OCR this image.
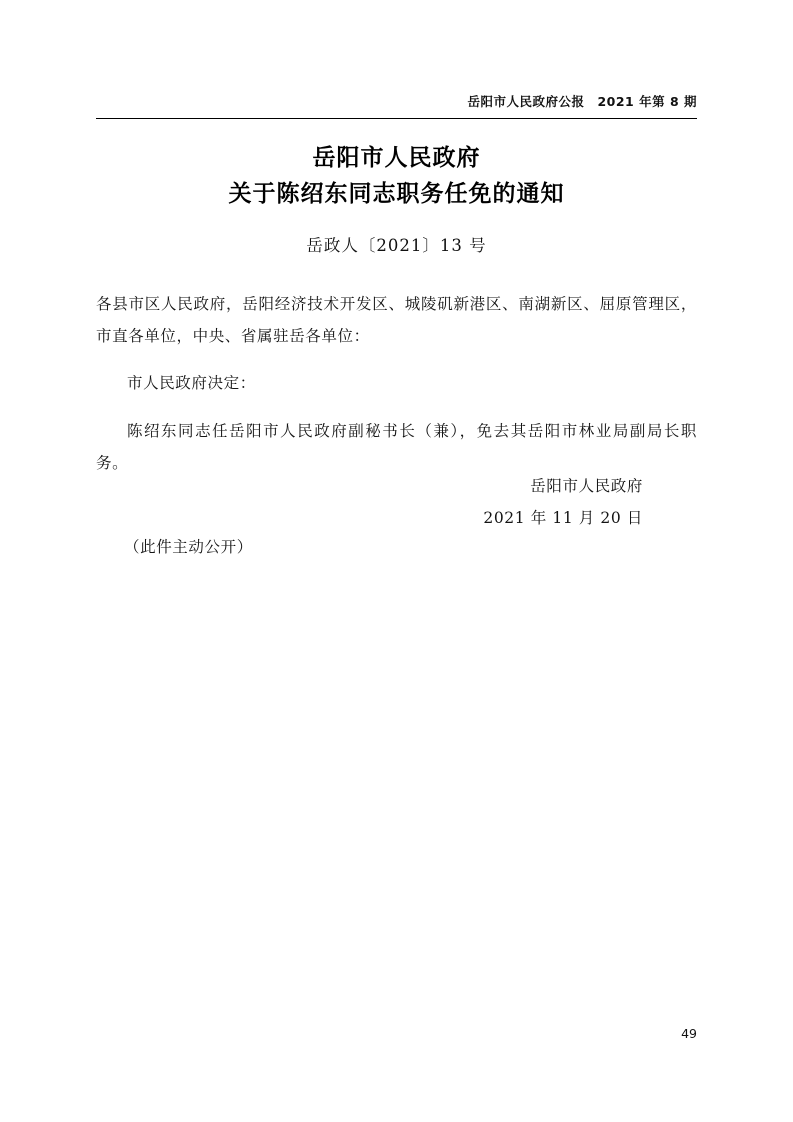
岳阳市人民政府公报　2021 年第 8 期
岳阳市人民政府
关于陈绍东同志职务任免的通知
岳政人〔2021〕13 号

各县市区人民政府，岳阳经济技术开发区、城陵矶新港区、南湖新区、屈原管理区，市直各单位，中央、省属驻岳各单位：

市人民政府决定：

陈绍东同志任岳阳市人民政府副秘书长（兼），免去其岳阳市林业局副局长职务。

岳阳市人民政府
2021 年 11 月 20 日
（此件主动公开）
49
